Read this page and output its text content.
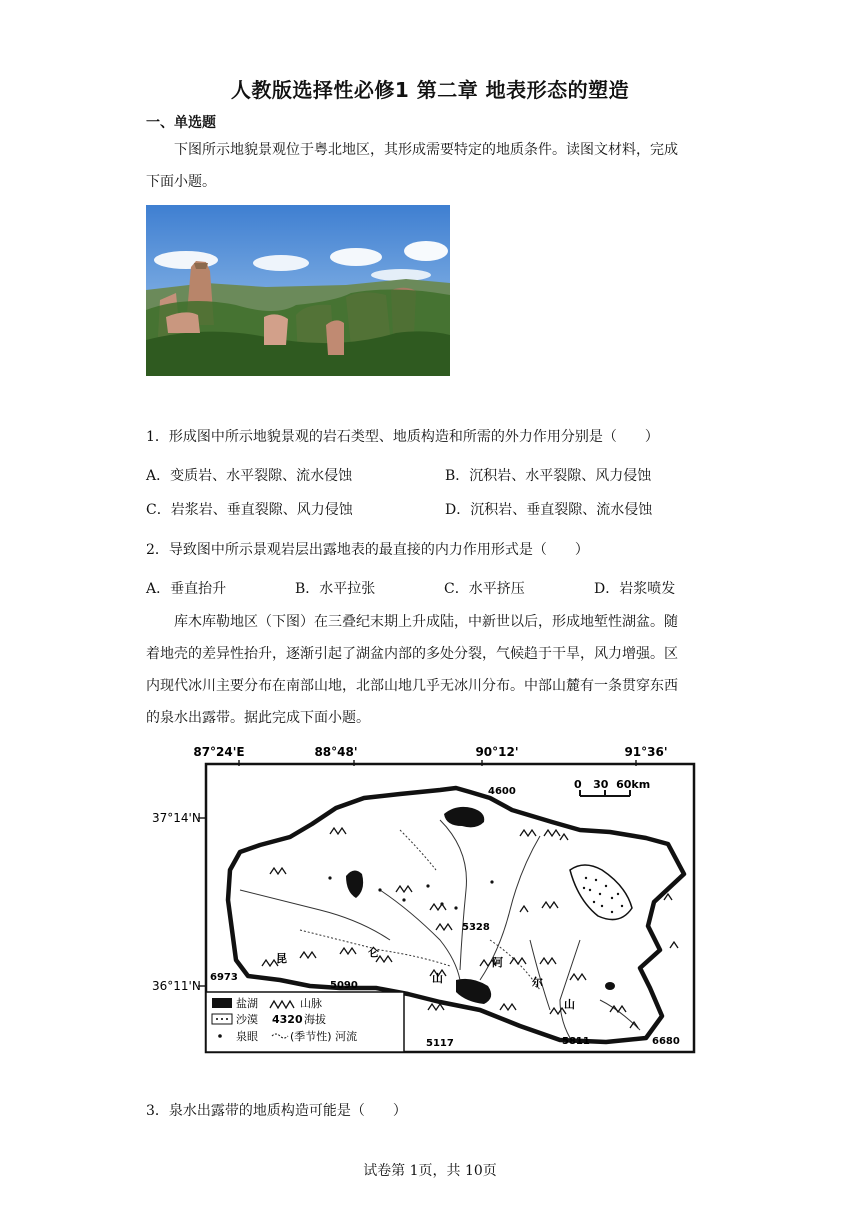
人教版选择性必修1 第二章 地表形态的塑造
一、单选题
下图所示地貌景观位于粤北地区，其形成需要特定的地质条件。读图文材料，完成
下面小题。
1．形成图中所示地貌景观的岩石类型、地质构造和所需的外力作用分别是（　　）
A．变质岩、水平裂隙、流水侵蚀	B．沉积岩、水平裂隙、风力侵蚀
C．岩浆岩、垂直裂隙、风力侵蚀	D．沉积岩、垂直裂隙、流水侵蚀
2．导致图中所示景观岩层出露地表的最直接的内力作用形式是（　　）
A．垂直抬升	B．水平拉张	C．水平挤压	D．岩浆喷发
库木库勒地区（下图）在三叠纪末期上升成陆，中新世以后，形成地堑性湖盆。随
着地壳的差异性抬升，逐渐引起了湖盆内部的多处分裂，气候趋于干旱，风力增强。区
内现代冰川主要分布在南部山地，北部山地几乎无冰川分布。中部山麓有一条贯穿东西
的泉水出露带。据此完成下面小题。
87°24'E	88°48'	90°12'	91°36'
37°14'N
36°11'N
0   30  60km
4600
5328
6973
5090
5117	5811	6680
昆	仑
山
阿
尔
山
盐湖	山脉
沙漠 4320 海拔
泉眼	(季节性) 河流
3．泉水出露带的地质构造可能是（　　）
试卷第 1页，共 10页
